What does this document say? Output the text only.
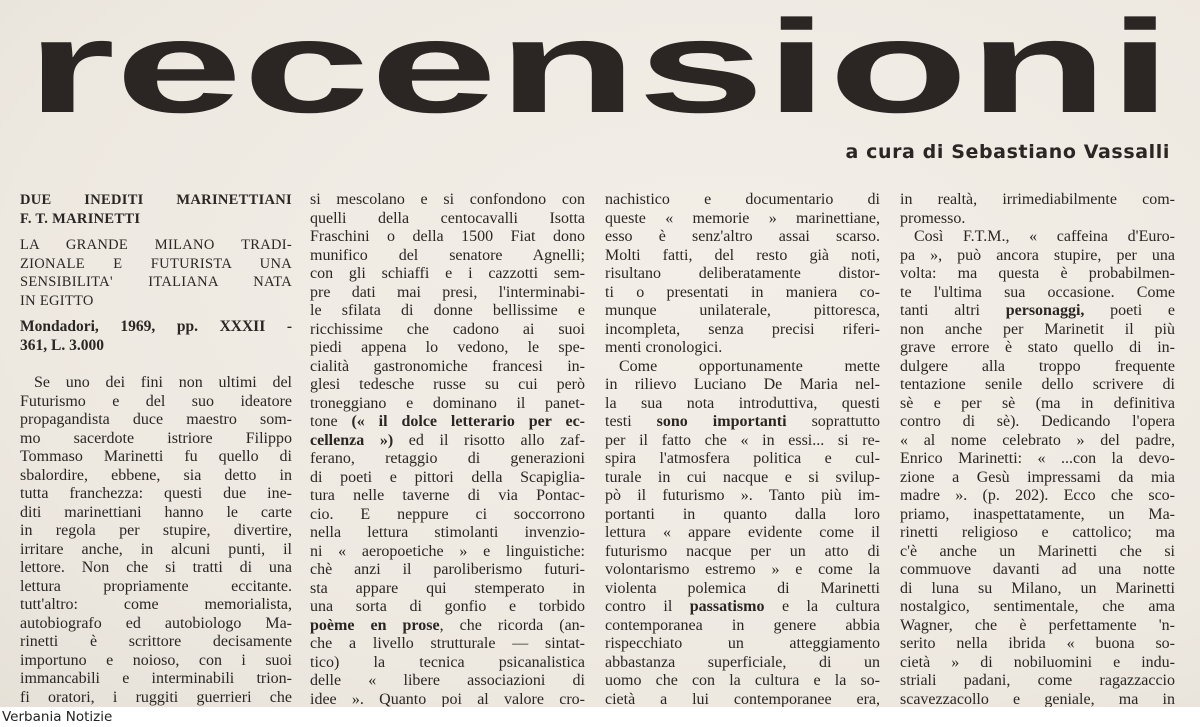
recensioni
a cura di Sebastiano Vassalli
DUE INEDITI MARINETTIANI
F. T. MARINETTI
LA GRANDE MILANO TRADI-
ZIONALE E FUTURISTA UNA
SENSIBILITA' ITALIANA NATA
IN EGITTO
Mondadori, 1969, pp. XXXII -
361, L. 3.000
Se uno dei fini non ultimi del
Futurismo e del suo ideatore
propagandista duce maestro som-
mo sacerdote istriore Filippo
Tommaso Marinetti fu quello di
sbalordire, ebbene, sia detto in
tutta franchezza: questi due ine-
diti marinettiani hanno le carte
in regola per stupire, divertire,
irritare anche, in alcuni punti, il
lettore. Non che si tratti di una
lettura propriamente eccitante.
tutt'altro: come memorialista,
autobiografo ed autobiologo Ma-
rinetti è scrittore decisamente
importuno e noioso, con i suoi
immancabili e interminabili trion-
fi oratori, i ruggiti guerrieri che
si mescolano e si confondono con
quelli della centocavalli Isotta
Fraschini o della 1500 Fiat dono
munifico del senatore Agnelli;
con gli schiaffi e i cazzotti sem-
pre dati mai presi, l'interminabi-
le sfilata di donne bellissime e
ricchissime che cadono ai suoi
piedi appena lo vedono, le spe-
cialità gastronomiche francesi in-
glesi tedesche russe su cui però
troneggiano e dominano il panet-
tone (« il dolce letterario per ec-
cellenza ») ed il risotto allo zaf-
ferano, retaggio di generazioni
di poeti e pittori della Scapiglia-
tura nelle taverne di via Pontac-
cio. E neppure ci soccorrono
nella lettura stimolanti invenzio-
ni « aeropoetiche » e linguistiche:
chè anzi il paroliberismo futuri-
sta appare qui stemperato in
una sorta di gonfio e torbido
poème en prose, che ricorda (an-
che a livello strutturale — sintat-
tico) la tecnica psicanalistica
delle « libere associazioni di
idee ». Quanto poi al valore cro-
nachistico e documentario di
queste « memorie » marinettiane,
esso è senz'altro assai scarso.
Molti fatti, del resto già noti,
risultano deliberatamente distor-
ti o presentati in maniera co-
munque unilaterale, pittoresca,
incompleta, senza precisi riferi-
menti cronologici.
Come opportunamente mette
in rilievo Luciano De Maria nel-
la sua nota introduttiva, questi
testi sono importanti soprattutto
per il fatto che « in essi... si re-
spira l'atmosfera politica e cul-
turale in cui nacque e si svilup-
pò il futurismo ». Tanto più im-
portanti in quanto dalla loro
lettura « appare evidente come il
futurismo nacque per un atto di
volontarismo estremo » e come la
violenta polemica di Marinetti
contro il passatismo e la cultura
contemporanea in genere abbia
rispecchiato un atteggiamento
abbastanza superficiale, di un
uomo che con la cultura e la so-
cietà a lui contemporanee era,
in realtà, irrimediabilmente com-
promesso.
Così F.T.M., « caffeina d'Euro-
pa », può ancora stupire, per una
volta: ma questa è probabilmen-
te l'ultima sua occasione. Come
tanti altri personaggi, poeti e
non anche per Marinetit il più
grave errore è stato quello di in-
dulgere alla troppo frequente
tentazione senile dello scrivere di
sè e per sè (ma in definitiva
contro di sè). Dedicando l'opera
« al nome celebrato » del padre,
Enrico Marinetti: « ...con la devo-
zione a Gesù impressami da mia
madre ». (p. 202). Ecco che sco-
priamo, inaspettatamente, un Ma-
rinetti religioso e cattolico; ma
c'è anche un Marinetti che si
commuove davanti ad una notte
di luna su Milano, un Marinetti
nostalgico, sentimentale, che ama
Wagner, che è perfettamente 'n-
serito nella ibrida « buona so-
cietà » di nobiluomini e indu-
striali padani, come ragazzaccio
scavezzacollo e geniale, ma in
Verbania Notizie
